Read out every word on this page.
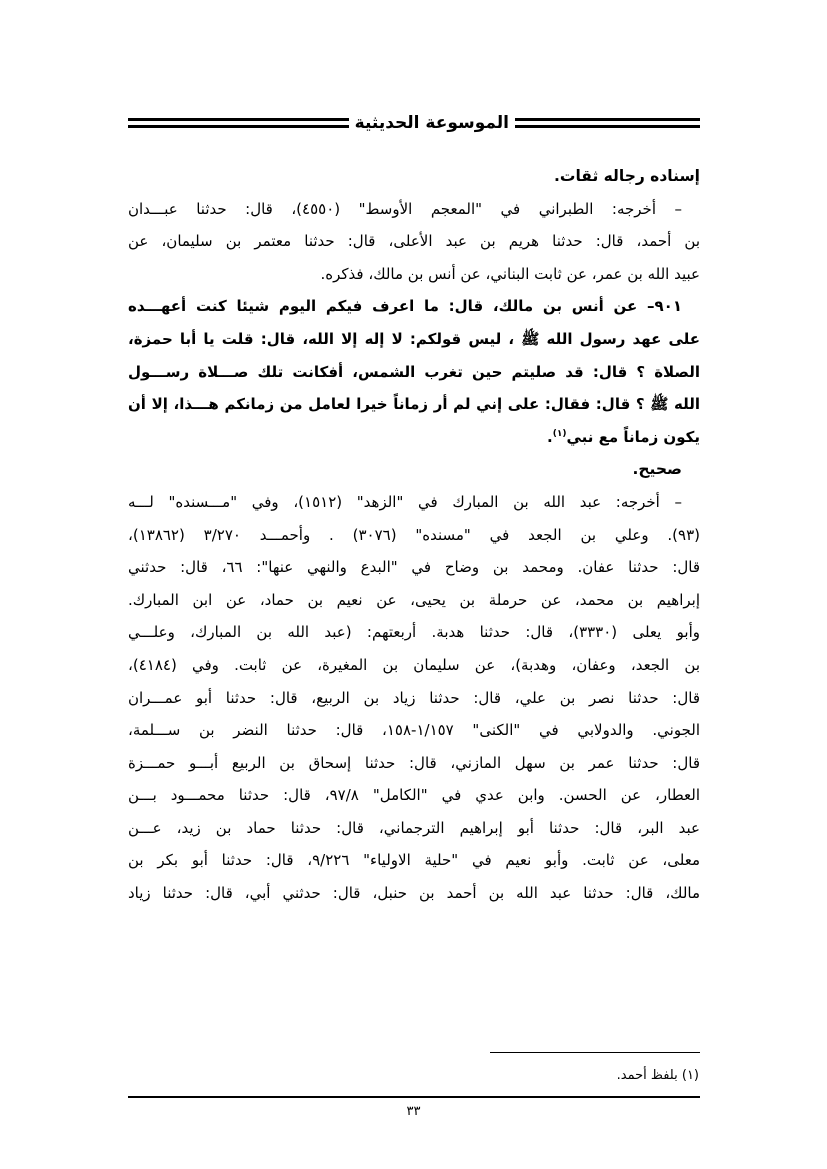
الموسوعة الحديثية

إسناده رجاله ثقات.

– أخرجه: الطبراني في "المعجم الأوسط" (٤٥٥٠)، قال: حدثنا عبـــدان

بن أحمد، قال: حدثنا هريم بن عبد الأعلى، قال: حدثنا معتمر بن سليمان، عن

عبيد الله بن عمر، عن ثابت البناني، عن أنس بن مالك، فذكره.

٩٠١– عن أنس بن مالك، قال: ما اعرف فيكم اليوم شيئا كنت أعهـــده

على عهد رسول الله ﷺ ، ليس قولكم: لا إله إلا الله، قال: قلت يا أبا حمزة،

الصلاة ؟ قال: قد صليتم حين تغرب الشمس، أفكانت تلك صـــلاة رســـول

الله ﷺ ؟ قال: فقال: على إني لم أر زماناً خيرا لعامل من زمانكم هـــذا، إلا أن

يكون زماناً مع نبي$^{(١)}$.

صحيح.

– أخرجه: عبد الله بن المبارك في "الزهد" (١٥١٢)، وفي "مـــسنده" لـــه

(٩٣). وعلي بن الجعد في "مسنده" (٣٠٧٦) . وأحمـــد ٣/٢٧٠ (١٣٨٦٢)،

قال: حدثنا عفان. ومحمد بن وضاح في "البدع والنهي عنها": ٦٦، قال: حدثني

إبراهيم بن محمد، عن حرملة بن يحيى، عن نعيم بن حماد، عن ابن المبارك.

وأبو يعلى (٣٣٣٠)، قال: حدثنا هدبة. أربعتهم: (عبد الله بن المبارك، وعلـــي

بن الجعد، وعفان، وهدبة)، عن سليمان بن المغيرة، عن ثابت. وفي (٤١٨٤)،

قال: حدثنا نصر بن علي، قال: حدثنا زياد بن الربيع، قال: حدثنا أبو عمـــران

الجوني. والدولابي في "الكنى" ١/١٥٧-١٥٨، قال: حدثنا النضر بن ســـلمة،

قال: حدثنا عمر بن سهل المازني، قال: حدثنا إسحاق بن الربيع أبـــو حمـــزة

العطار، عن الحسن. وابن عدي في "الكامل" ٩٧/٨، قال: حدثنا محمـــود بـــن

عبد البر، قال: حدثنا أبو إبراهيم الترجماني، قال: حدثنا حماد بن زيد، عـــن

معلى، عن ثابت. وأبو نعيم في "حلية الاولياء" ٩/٢٢٦، قال: حدثنا أبو بكر بن

مالك، قال: حدثنا عبد الله بن أحمد بن حنبل، قال: حدثني أبي، قال: حدثنا زياد

(١) بلفظ أحمد.
٣٣
